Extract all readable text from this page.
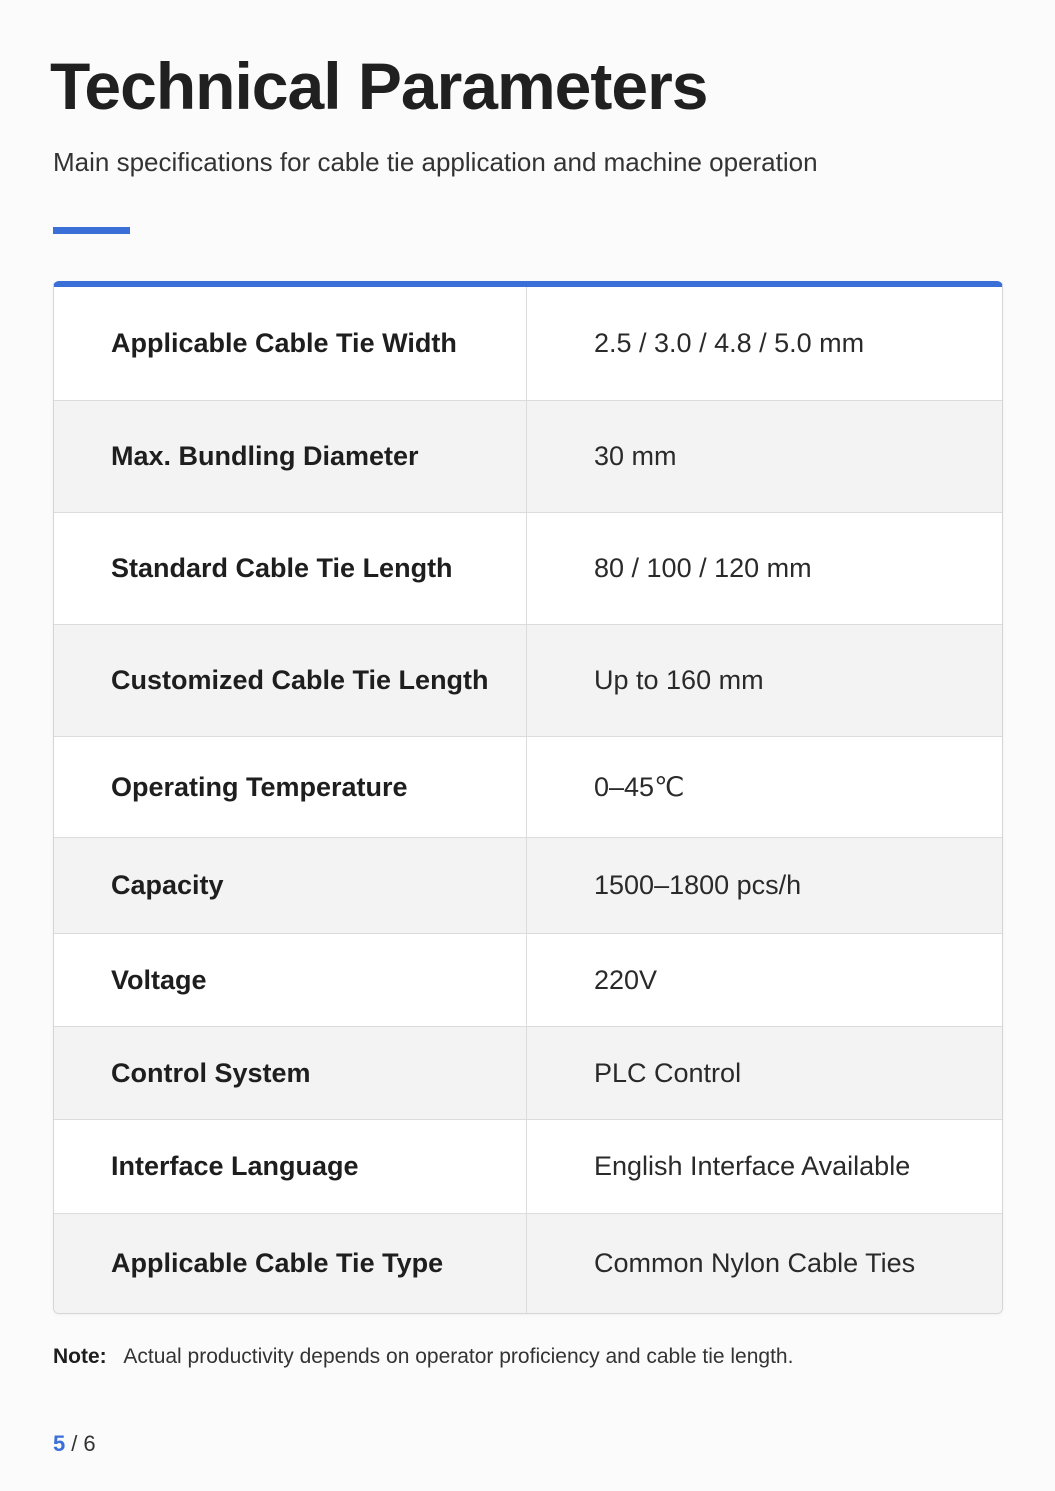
Technical Parameters

Main specifications for cable tie application and machine operation

Applicable Cable Tie Width	2.5 / 3.0 / 4.8 / 5.0 mm
Max. Bundling Diameter	30 mm
Standard Cable Tie Length	80 / 100 / 120 mm
Customized Cable Tie Length	Up to 160 mm
Operating Temperature	0–45℃
Capacity	1500–1800 pcs/h
Voltage	220V
Control System	PLC Control
Interface Language	English Interface Available
Applicable Cable Tie Type	Common Nylon Cable Ties
Note: Actual productivity depends on operator proficiency and cable tie length.
5 / 6
